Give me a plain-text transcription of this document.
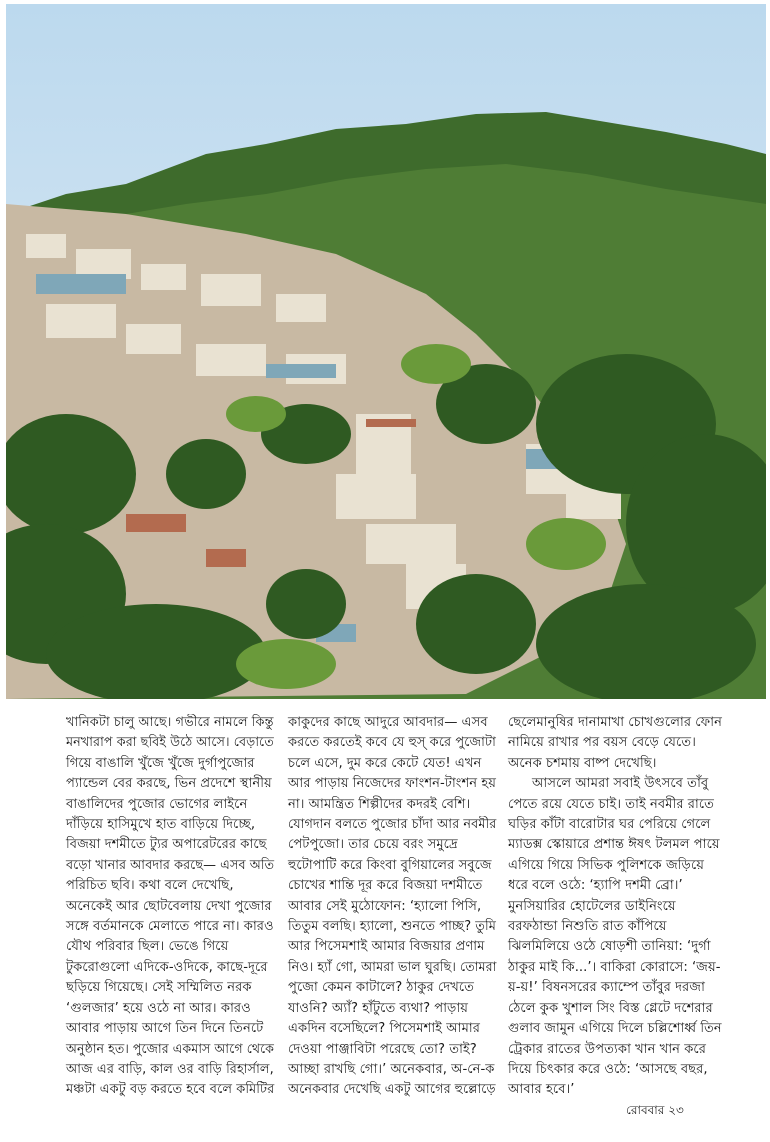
খানিকটা চালু আছে। গভীরে নামলে কিন্তু
মনখারাপ করা ছবিই উঠে আসে। বেড়াতে
গিয়ে বাঙালি খুঁজে খুঁজে দুর্গাপুজোর
প্যান্ডেল বের করছে, ভিন প্রদেশে স্থানীয়
বাঙালিদের পুজোর ভোগের লাইনে
দাঁড়িয়ে হাসিমুখে হাত বাড়িয়ে দিচ্ছে,
বিজয়া দশমীতে ট্যুর অপারেটরের কাছে
বড়ো খানার আবদার করছে— এসব অতি
পরিচিত ছবি। কথা বলে দেখেছি,
অনেকেই আর ছোটবেলায় দেখা পুজোর
সঙ্গে বর্তমানকে মেলাতে পারে না। কারও
যৌথ পরিবার ছিল। ভেঙে গিয়ে
টুকরোগুলো এদিকে-ওদিকে, কাছে-দূরে
ছড়িয়ে গিয়েছে। সেই সম্মিলিত নরক
‘গুলজার’ হয়ে ওঠে না আর। কারও
আবার পাড়ায় আগে তিন দিনে তিনটে
অনুষ্ঠান হত। পুজোর একমাস আগে থেকে
আজ এর বাড়ি, কাল ওর বাড়ি রিহার্সাল,
মঞ্চটা একটু বড় করতে হবে বলে কমিটির
কাকুদের কাছে আদুরে আবদার— এসব
করতে করতেই কবে যে হুস্‌ করে পুজোটা
চলে এসে, দুম করে কেটে যেত! এখন
আর পাড়ায় নিজেদের ফাংশন-টাংশন হয়
না। আমন্ত্রিত শিল্পীদের কদরই বেশি।
যোগদান বলতে পুজোর চাঁদা আর নবমীর
পেটপুজো। তার চেয়ে বরং সমুদ্রে
হুটোপাটি করে কিংবা বুগিয়ালের সবুজে
চোখের শান্তি দূর করে বিজয়া দশমীতে
আবার সেই মুঠোফোন: ‘হ্যালো পিসি,
তিতুম বলছি। হ্যালো, শুনতে পাচ্ছ? তুমি
আর পিসেমশাই আমার বিজয়ার প্রণাম
নিও। হ্যাঁ গো, আমরা ভাল ঘুরছি। তোমরা
পুজো কেমন কাটালে? ঠাকুর দেখতে
যাওনি? অ্যাঁ? হাঁটুতে ব্যথা? পাড়ায়
একদিন বসেছিলে? পিসেমশাই আমার
দেওয়া পাঞ্জাবিটা পরেছে তো? তাই?
আচ্ছা রাখছি গো।’ অনেকবার, অ-নে-ক
অনেকবার দেখেছি একটু আগের হুল্লোড়ে
ছেলেমানুষির দানামাখা চোখগুলোর ফোন
নামিয়ে রাখার পর বয়স বেড়ে যেতে।
অনেক চশমায় বাষ্প দেখেছি।
আসলে আমরা সবাই উৎসবে তাঁবু
পেতে রয়ে যেতে চাই। তাই নবমীর রাতে
ঘড়ির কাঁটা বারোটার ঘর পেরিয়ে গেলে
ম্যাডক্স স্কোয়ারে প্রশান্ত ঈষৎ টলমল পায়ে
এগিয়ে গিয়ে সিভিক পুলিশকে জড়িয়ে
ধরে বলে ওঠে: ‘হ্যাপি দশমী ব্রো।’
মুনসিয়ারির হোটেলের ডাইনিংয়ে
বরফঠান্ডা নিশুতি রাত কাঁপিয়ে
ঝিলমিলিয়ে ওঠে ষোড়শী তানিয়া: ‘দুর্গা
ঠাকুর মাই কি...’। বাকিরা কোরাসে: ‘জয়-
য়-য়!’ বিষনসরের ক্যাম্পে তাঁবুর দরজা
ঠেলে কুক খুশাল সিং বিস্ত গ্লেটে দশেরার
গুলাব জামুন এগিয়ে দিলে চল্লিশোর্ধ্ব তিন
ট্রেকার রাতের উপত্যকা খান খান করে
দিয়ে চিৎকার করে ওঠে: ‘আসছে বছর,
আবার হবে।’
রোববার ২৩
